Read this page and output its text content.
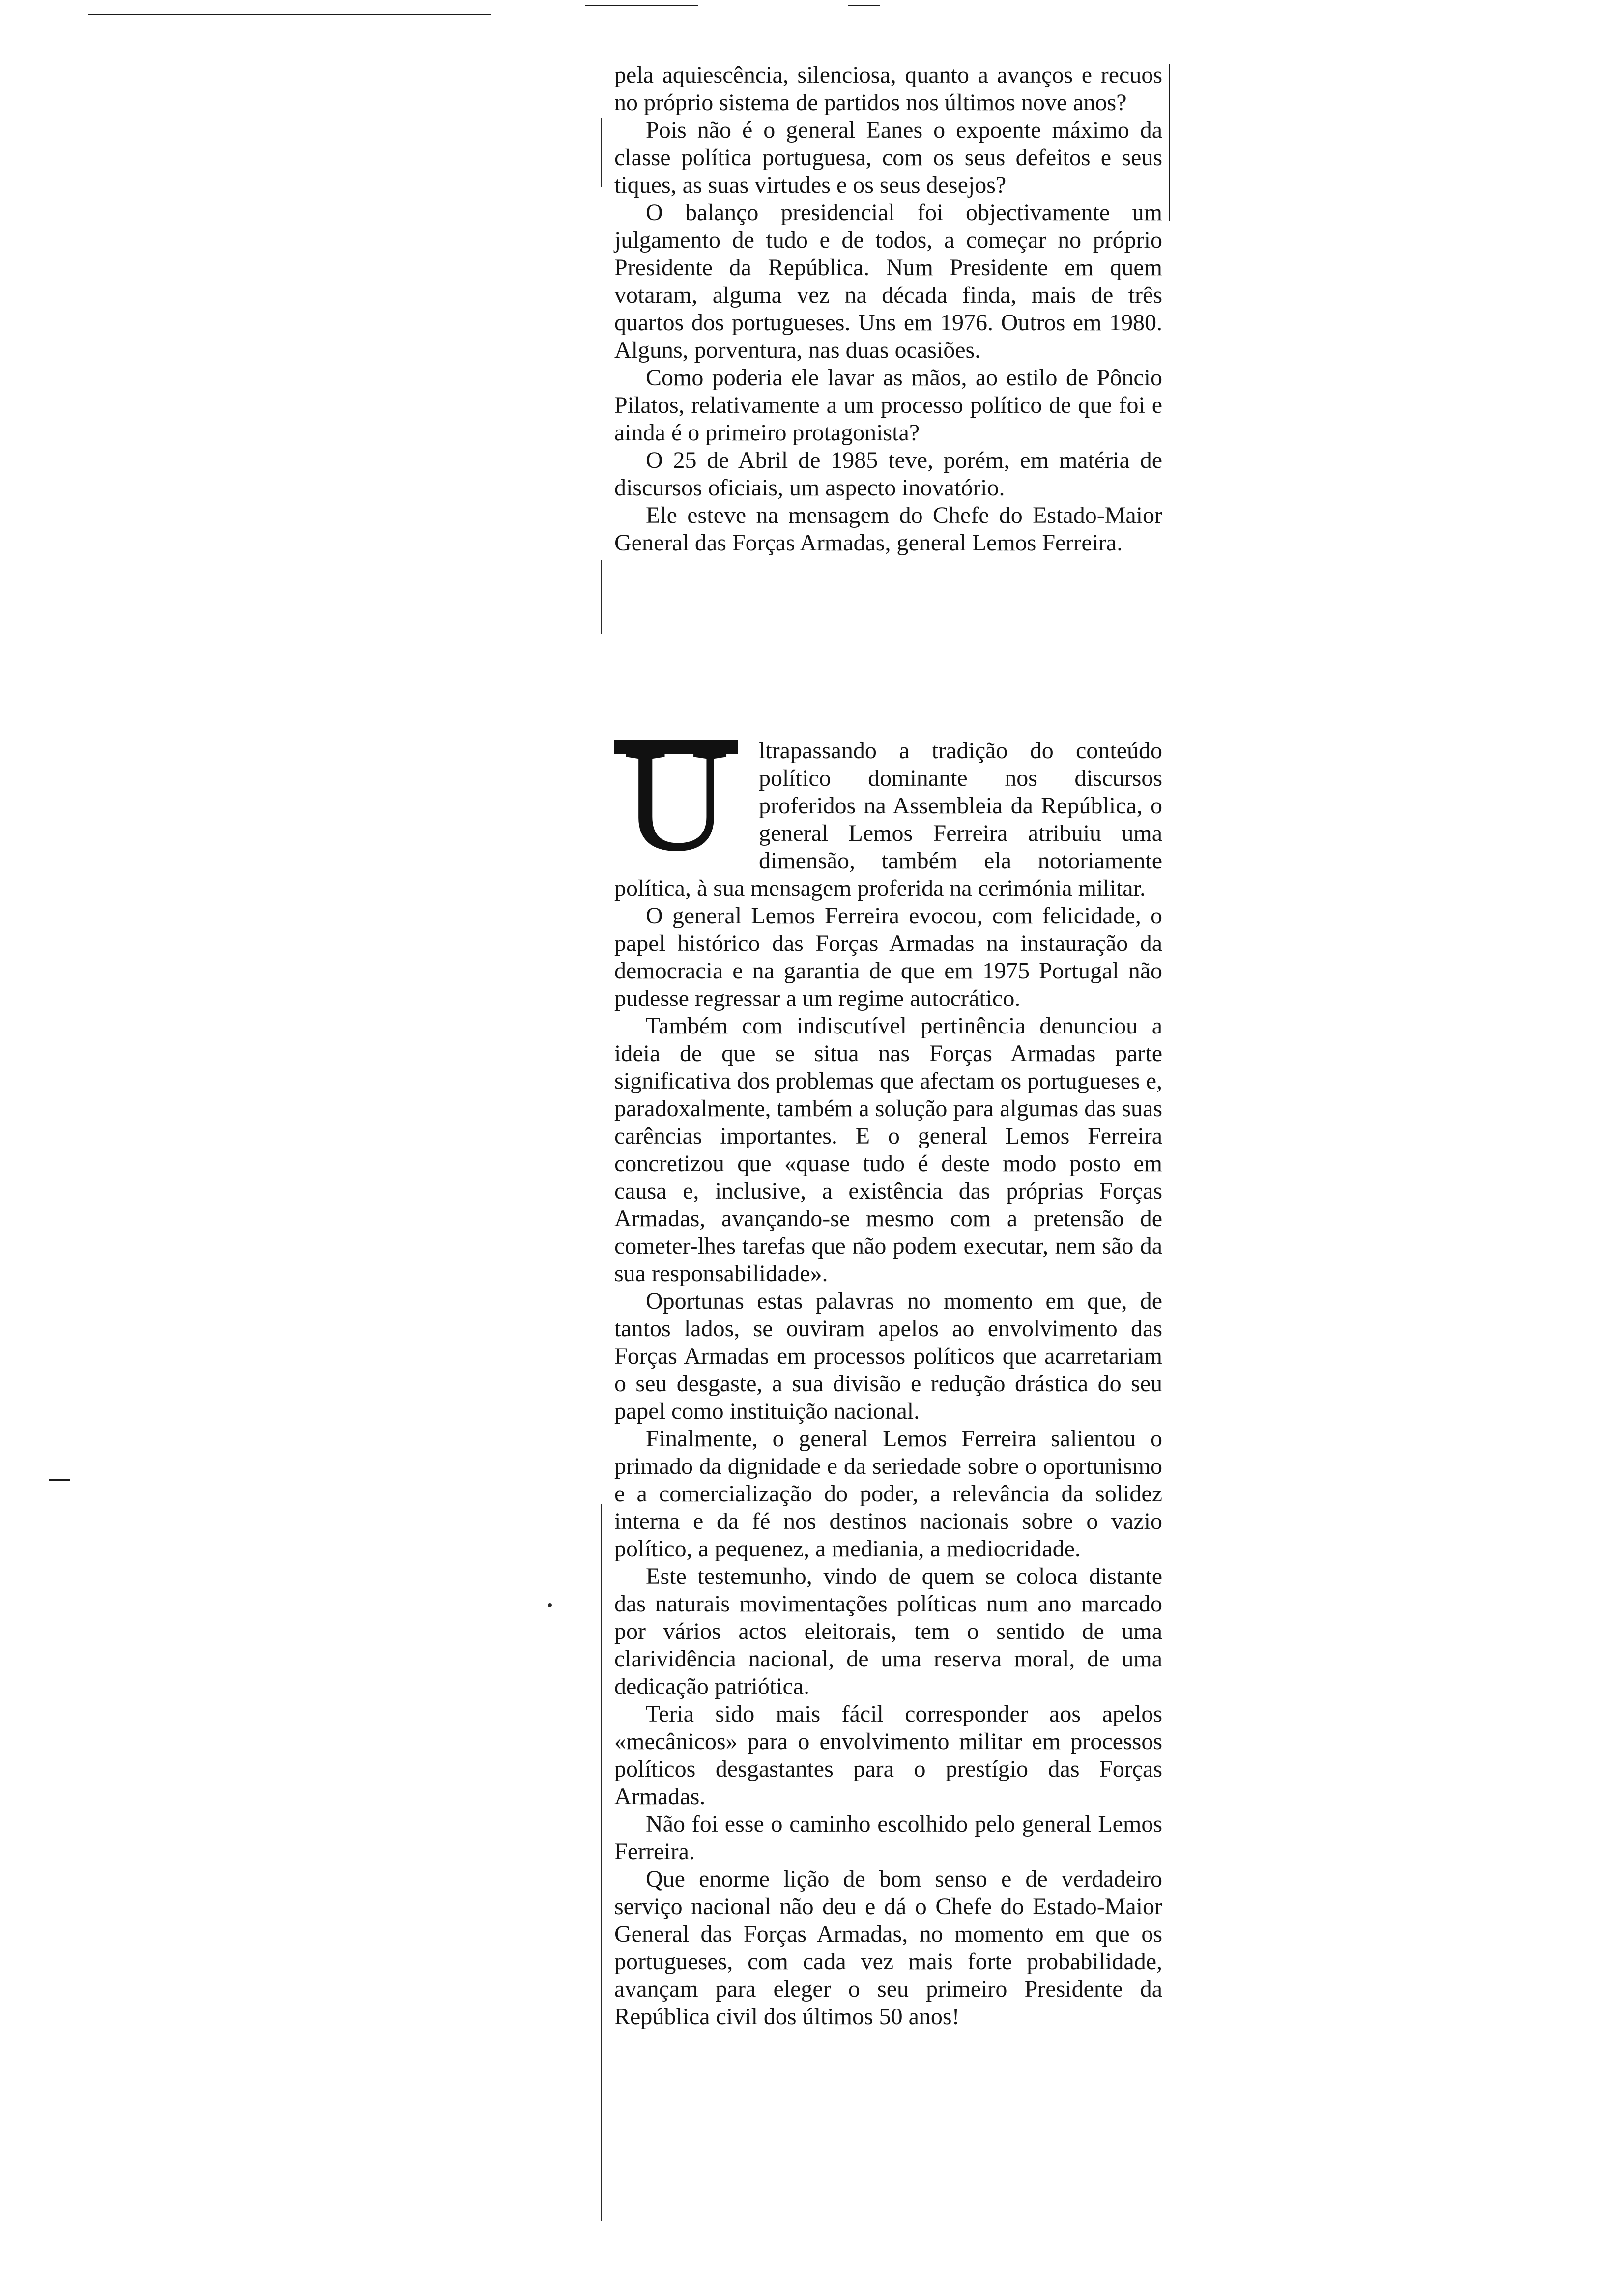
pela aquiescência, silenciosa, quanto a avanços e recuos no próprio sistema de partidos nos últimos nove anos?

Pois não é o general Eanes o expoente máximo da classe política portuguesa, com os seus defeitos e seus tiques, as suas virtudes e os seus desejos?

O balanço presidencial foi objectivamente um julgamento de tudo e de todos, a começar no próprio Presidente da República. Num Presidente em quem votaram, alguma vez na década finda, mais de três quartos dos portugueses. Uns em 1976. Outros em 1980. Alguns, porventura, nas duas ocasiões.

Como poderia ele lavar as mãos, ao estilo de Pôncio Pilatos, relativamente a um processo político de que foi e ainda é o primeiro protagonista?

O 25 de Abril de 1985 teve, porém, em matéria de discursos oficiais, um aspecto inovatório.

Ele esteve na mensagem do Chefe do Estado-Maior General das Forças Armadas, general Lemos Ferreira.

U	ltrapassando a tradição do conteúdo político dominante nos discursos proferidos na Assembleia da República, o general Lemos Ferreira atribuiu uma dimensão, também ela notoriamente política, à sua mensagem proferida na cerimónia militar.

O general Lemos Ferreira evocou, com felicidade, o papel histórico das Forças Armadas na instauração da democracia e na garantia de que em 1975 Portugal não pudesse regressar a um regime autocrático.

Também com indiscutível pertinência denunciou a ideia de que se situa nas Forças Armadas parte significativa dos problemas que afectam os portugueses e, paradoxalmente, também a solução para algumas das suas carências importantes. E o general Lemos Ferreira concretizou que «quase tudo é deste modo posto em causa e, inclusive, a existência das próprias Forças Armadas, avançando-se mesmo com a pretensão de cometer-lhes tarefas que não podem executar, nem são da sua responsabilidade».

Oportunas estas palavras no momento em que, de tantos lados, se ouviram apelos ao envolvimento das Forças Armadas em processos políticos que acarretariam o seu desgaste, a sua divisão e redução drástica do seu papel como instituição nacional.

Finalmente, o general Lemos Ferreira salientou o primado da dignidade e da seriedade sobre o oportunismo e a comercialização do poder, a relevância da solidez interna e da fé nos destinos nacionais sobre o vazio político, a pequenez, a mediania, a mediocridade.

Este testemunho, vindo de quem se coloca distante das naturais movimentações políticas num ano marcado por vários actos eleitorais, tem o sentido de uma clarividência nacional, de uma reserva moral, de uma dedicação patriótica.

Teria sido mais fácil corresponder aos apelos «mecânicos» para o envolvimento militar em processos políticos desgastantes para o prestígio das Forças Armadas.

Não foi esse o caminho escolhido pelo general Lemos Ferreira.

Que enorme lição de bom senso e de verdadeiro serviço nacional não deu e dá o Chefe do Estado-Maior General das Forças Armadas, no momento em que os portugueses, com cada vez mais forte probabilidade, avançam para eleger o seu primeiro Presidente da República civil dos últimos 50 anos!
